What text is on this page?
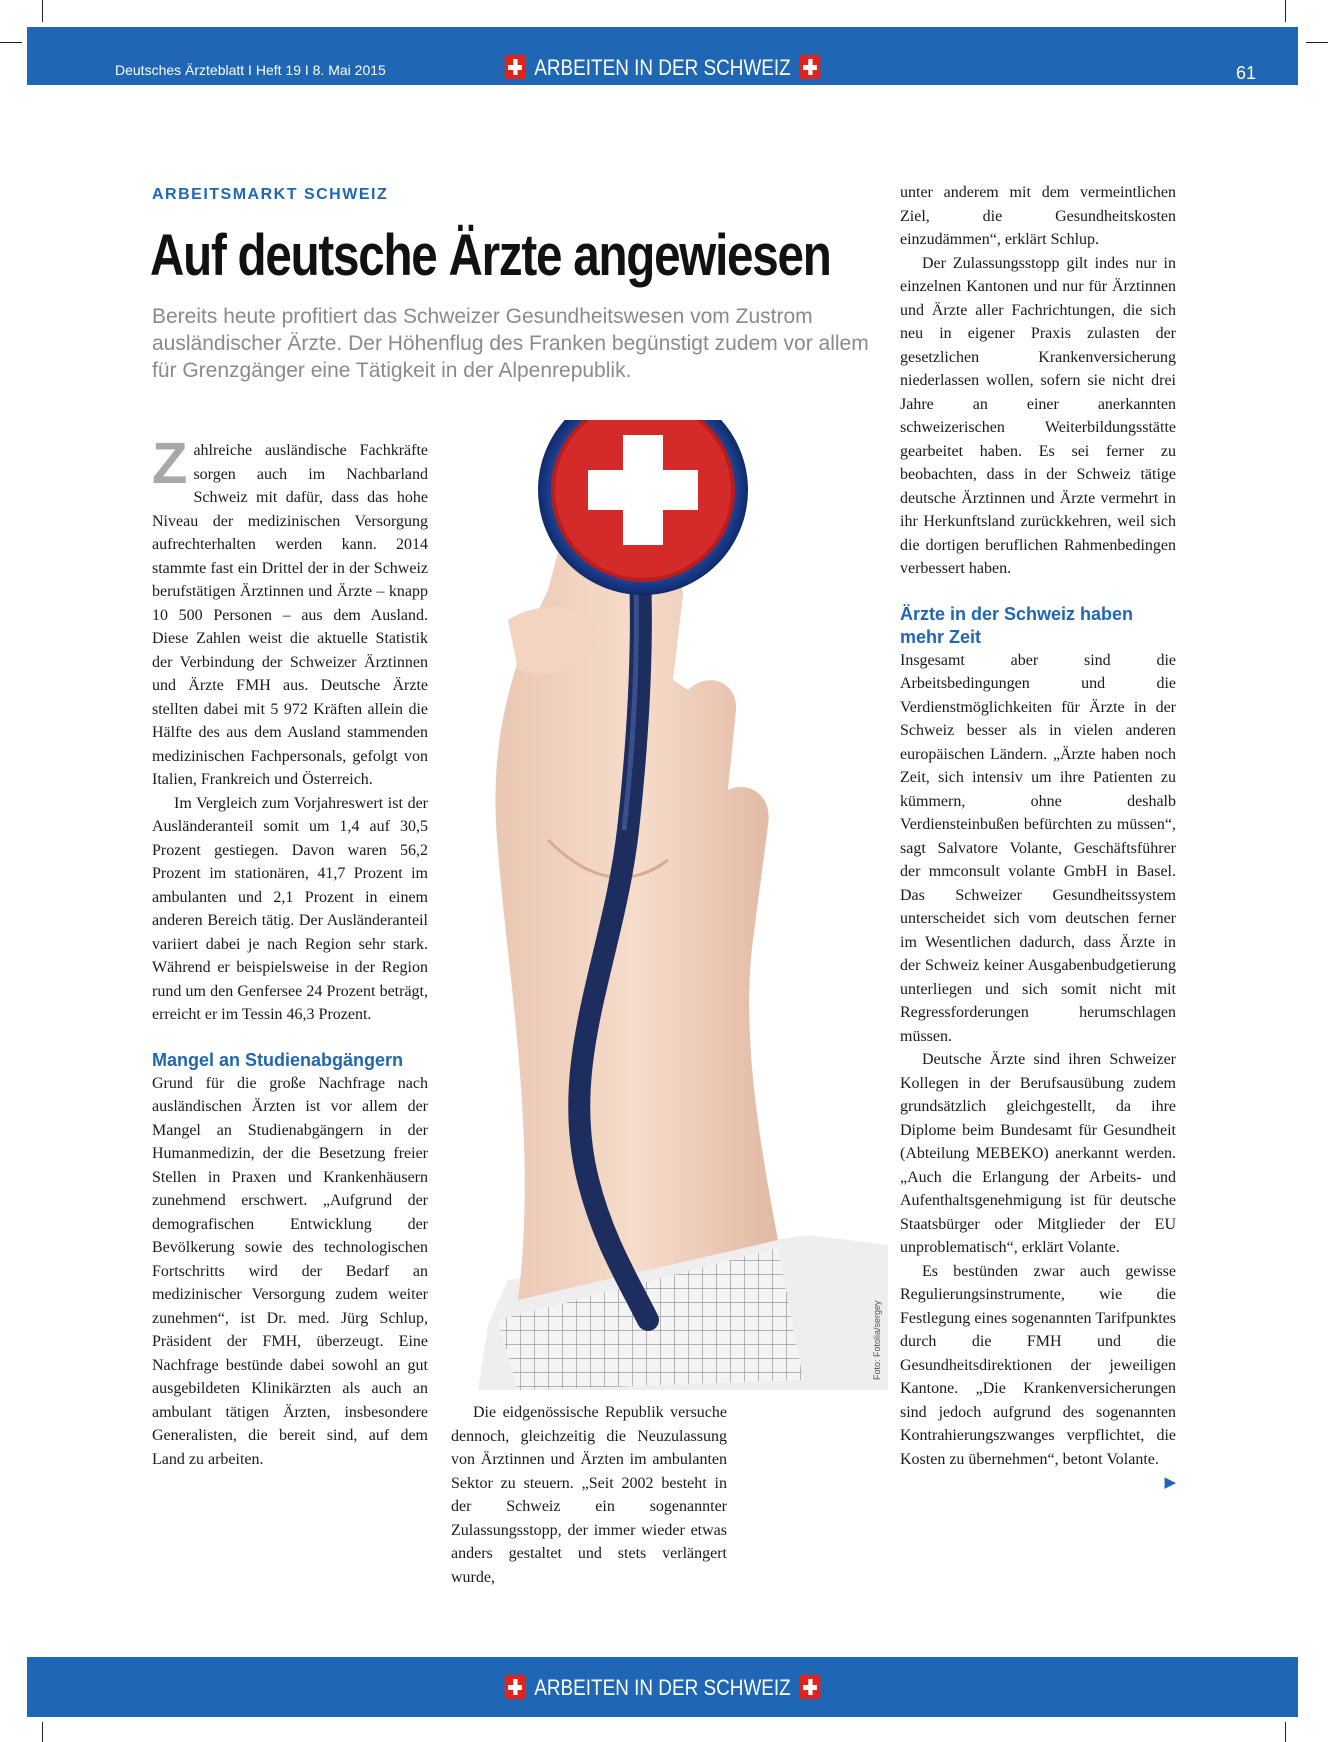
Deutsches Ärzteblatt I Heft 19 I 8. Mai 2015	ARBEITEN IN DER SCHWEIZ	61
ARBEITSMARKT SCHWEIZ
Auf deutsche Ärzte angewiesen
Bereits heute profitiert das Schweizer Gesundheitswesen vom Zustrom ausländischer Ärzte. Der Höhenflug des Franken begünstigt zudem vor allem für Grenzgänger eine Tätigkeit in der Alpenrepublik.

Zahlreiche ausländische Fachkräfte sorgen auch im Nachbarland Schweiz mit dafür, dass das hohe Niveau der medizinischen Versorgung aufrechterhalten werden kann. 2014 stammte fast ein Drittel der in der Schweiz berufstätigen Ärztinnen und Ärzte – knapp 10 500 Personen – aus dem Ausland. Diese Zahlen weist die aktuelle Statistik der Verbindung der Schweizer Ärztinnen und Ärzte FMH aus. Deutsche Ärzte stellten dabei mit 5 972 Kräften allein die Hälfte des aus dem Ausland stammenden medizinischen Fachpersonals, gefolgt von Italien, Frankreich und Österreich.

Im Vergleich zum Vorjahreswert ist der Ausländeranteil somit um 1,4 auf 30,5 Prozent gestiegen. Davon waren 56,2 Prozent im stationären, 41,7 Prozent im ambulanten und 2,1 Prozent in einem anderen Bereich tätig. Der Ausländeranteil variiert dabei je nach Region sehr stark. Während er beispielsweise in der Region rund um den Genfersee 24 Prozent beträgt, erreicht er im Tessin 46,3 Prozent.

Mangel an Studienabgängern

Grund für die große Nachfrage nach ausländischen Ärzten ist vor allem der Mangel an Studienabgängern in der Humanmedizin, der die Besetzung freier Stellen in Praxen und Krankenhäusern zunehmend erschwert. „Aufgrund der demografischen Entwicklung der Bevölkerung sowie des technologischen Fortschritts wird der Bedarf an medizinischer Versorgung zudem weiter zunehmen“, ist Dr. med. Jürg Schlup, Präsident der FMH, überzeugt. Eine Nachfrage bestünde dabei sowohl an gut ausgebildeten Klinikärzten als auch an ambulant tätigen Ärzten, insbesondere Generalisten, die bereit sind, auf dem Land zu arbeiten.

Foto: Fotolia/sergey

Die eidgenössische Republik versuche dennoch, gleichzeitig die Neuzulassung von Ärztinnen und Ärzten im ambulanten Sektor zu steuern. „Seit 2002 besteht in der Schweiz ein sogenannter Zulassungsstopp, der immer wieder etwas anders gestaltet und stets verlängert wurde,

unter anderem mit dem vermeintlichen Ziel, die Gesundheitskosten einzudämmen“, erklärt Schlup.

Der Zulassungsstopp gilt indes nur in einzelnen Kantonen und nur für Ärztinnen und Ärzte aller Fachrichtungen, die sich neu in eigener Praxis zulasten der gesetzlichen Krankenversicherung niederlassen wollen, sofern sie nicht drei Jahre an einer anerkannten schweizerischen Weiterbildungsstätte gearbeitet haben. Es sei ferner zu beobachten, dass in der Schweiz tätige deutsche Ärztinnen und Ärzte vermehrt in ihr Herkunftsland zurückkehren, weil sich die dortigen beruflichen Rahmenbedingen verbessert haben.

Ärzte in der Schweiz haben mehr Zeit

Insgesamt aber sind die Arbeitsbedingungen und die Verdienstmöglichkeiten für Ärzte in der Schweiz besser als in vielen anderen europäischen Ländern. „Ärzte haben noch Zeit, sich intensiv um ihre Patienten zu kümmern, ohne deshalb Verdiensteinbußen befürchten zu müssen“, sagt Salvatore Volante, Geschäftsführer der mmconsult volante GmbH in Basel. Das Schweizer Gesundheitssystem unterscheidet sich vom deutschen ferner im Wesentlichen dadurch, dass Ärzte in der Schweiz keiner Ausgabenbudgetierung unterliegen und sich somit nicht mit Regressforderungen herumschlagen müssen.

Deutsche Ärzte sind ihren Schweizer Kollegen in der Berufsausübung zudem grundsätzlich gleichgestellt, da ihre Diplome beim Bundesamt für Gesundheit (Abteilung MEBEKO) anerkannt werden. „Auch die Erlangung der Arbeits- und Aufenthaltsgenehmigung ist für deutsche Staatsbürger oder Mitglieder der EU unproblematisch“, erklärt Volante.

Es bestünden zwar auch gewisse Regulierungsinstrumente, wie die Festlegung eines sogenannten Tarifpunktes durch die FMH und die Gesundheitsdirektionen der jeweiligen Kantone. „Die Krankenversicherungen sind jedoch aufgrund des sogenannten Kontrahierungszwanges verpflichtet, die Kosten zu übernehmen“, betont Volante.
▶

ARBEITEN IN DER SCHWEIZ
